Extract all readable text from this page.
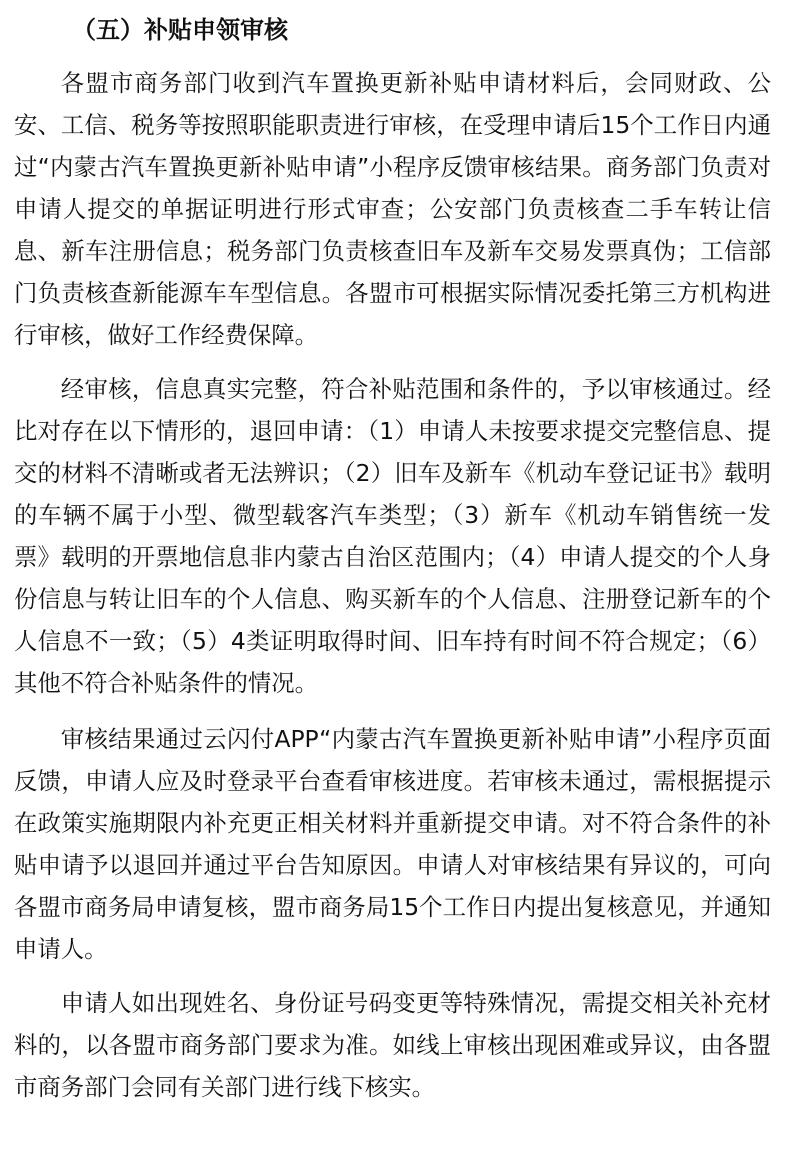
（五）补贴申领审核

各盟市商务部门收到汽车置换更新补贴申请材料后，会同财政、公安、工信、税务等按照职能职责进行审核，在受理申请后15个工作日内通过“内蒙古汽车置换更新补贴申请”小程序反馈审核结果。商务部门负责对申请人提交的单据证明进行形式审查；公安部门负责核查二手车转让信息、新车注册信息；税务部门负责核查旧车及新车交易发票真伪；工信部门负责核查新能源车车型信息。各盟市可根据实际情况委托第三方机构进行审核，做好工作经费保障。

经审核，信息真实完整，符合补贴范围和条件的，予以审核通过。经比对存在以下情形的，退回申请：（1）申请人未按要求提交完整信息、提交的材料不清晰或者无法辨识；（2）旧车及新车《机动车登记证书》载明的车辆不属于小型、微型载客汽车类型；（3）新车《机动车销售统一发票》载明的开票地信息非内蒙古自治区范围内；（4）申请人提交的个人身份信息与转让旧车的个人信息、购买新车的个人信息、注册登记新车的个人信息不一致；（5）4类证明取得时间、旧车持有时间不符合规定；（6）其他不符合补贴条件的情况。

审核结果通过云闪付APP“内蒙古汽车置换更新补贴申请”小程序页面反馈，申请人应及时登录平台查看审核进度。若审核未通过，需根据提示在政策实施期限内补充更正相关材料并重新提交申请。对不符合条件的补贴申请予以退回并通过平台告知原因。申请人对审核结果有异议的，可向各盟市商务局申请复核，盟市商务局15个工作日内提出复核意见，并通知申请人。

申请人如出现姓名、身份证号码变更等特殊情况，需提交相关补充材料的，以各盟市商务部门要求为准。如线上审核出现困难或异议，由各盟市商务部门会同有关部门进行线下核实。
